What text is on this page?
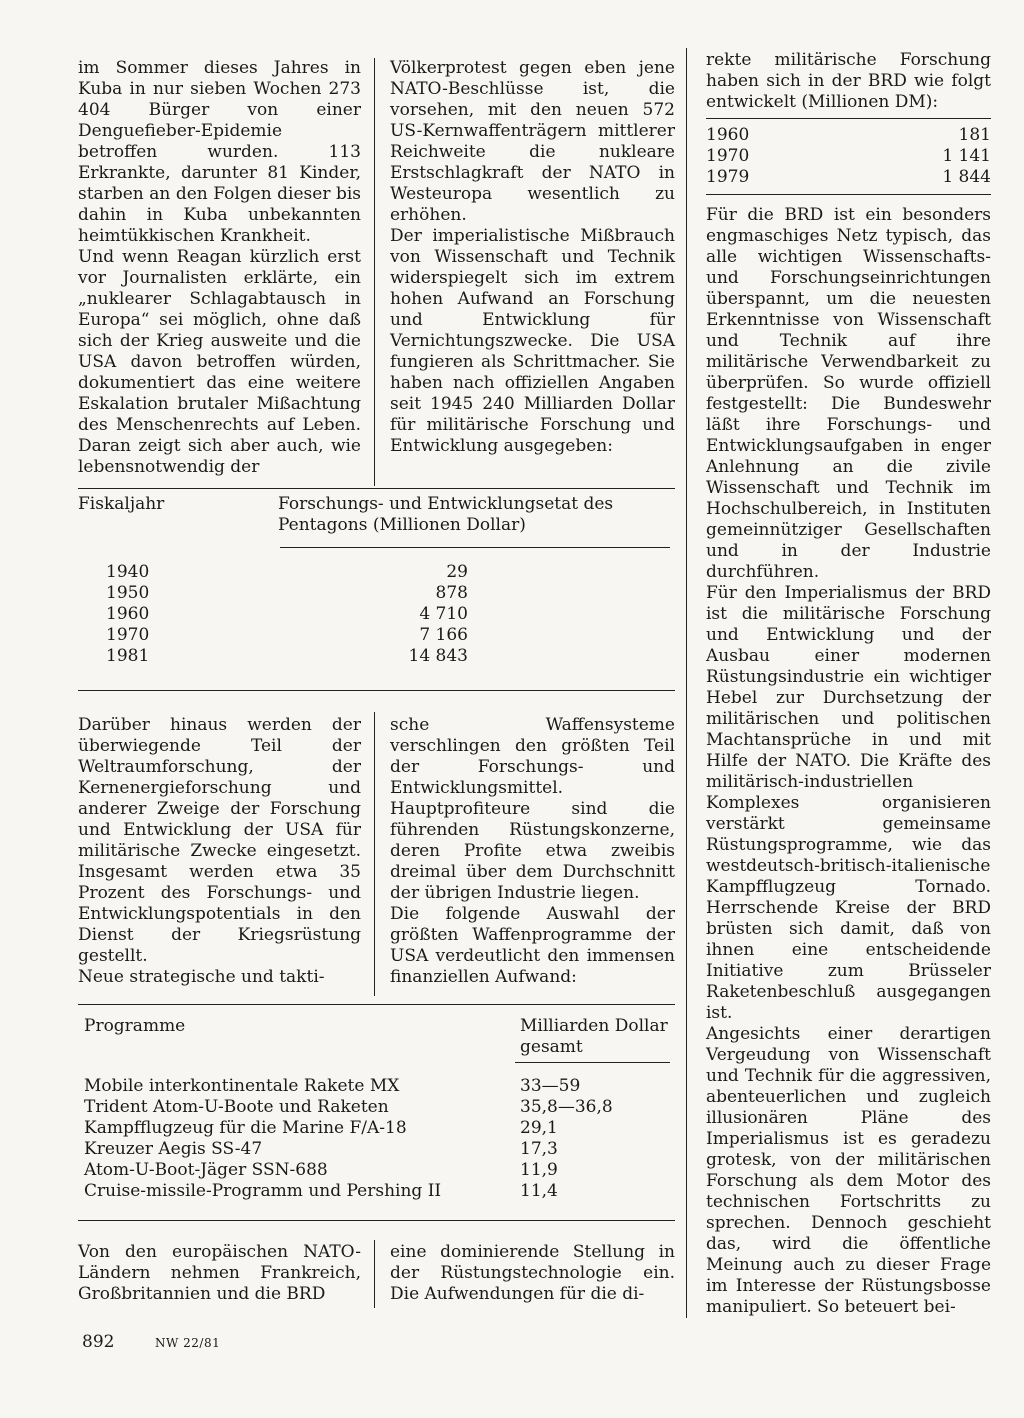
im Sommer dieses Jahres in Kuba in nur sieben Wochen 273 404 Bürger von einer Denguefieber-Epidemie betroffen wurden. 113 Erkrankte, darunter 81 Kinder, starben an den Folgen dieser bis dahin in Kuba unbekannten heimtükkischen Krankheit.

Und wenn Reagan kürzlich erst vor Journalisten erklärte, ein „nuklearer Schlagabtausch in Europa“ sei möglich, ohne daß sich der Krieg ausweite und die USA davon betroffen würden, dokumentiert das eine weitere Eskalation brutaler Mißachtung des Menschenrechts auf Leben. Daran zeigt sich aber auch, wie lebensnotwendig der

Völkerprotest gegen eben jene NATO-Beschlüsse ist, die vorsehen, mit den neuen 572 US-Kernwaffenträgern mittlerer Reichweite die nukleare Erstschlagkraft der NATO in Westeuropa wesentlich zu erhöhen.

Der imperialistische Mißbrauch von Wissenschaft und Technik widerspiegelt sich im extrem hohen Aufwand an Forschung und Entwicklung für Vernichtungszwecke. Die USA fungieren als Schrittmacher. Sie haben nach offiziellen Angaben seit 1945 240 Milliarden Dollar für militärische Forschung und Entwicklung ausgegeben:

rekte militärische Forschung haben sich in der BRD wie folgt entwickelt (Millionen DM):

1960	181
1970	1 141
1979	1 844

Für die BRD ist ein besonders engmaschiges Netz typisch, das alle wichtigen Wissenschafts- und Forschungseinrichtungen überspannt, um die neuesten Erkenntnisse von Wissenschaft und Technik auf ihre militärische Verwendbarkeit zu überprüfen. So wurde offiziell festgestellt: Die Bundeswehr läßt ihre Forschungs- und Entwicklungsaufgaben in enger Anlehnung an die zivile Wissenschaft und Technik im Hochschulbereich, in Instituten gemeinnütziger Gesellschaften und in der Industrie durchführen.

Für den Imperialismus der BRD ist die militärische Forschung und Entwicklung und der Ausbau einer modernen Rüstungsindustrie ein wichtiger Hebel zur Durchsetzung der militärischen und politischen Machtansprüche in und mit Hilfe der NATO. Die Kräfte des militärisch-industriellen Komplexes organisieren verstärkt gemeinsame Rüstungsprogramme, wie das westdeutsch-britisch-italienische Kampfflugzeug Tornado. Herrschende Kreise der BRD brüsten sich damit, daß von ihnen eine entscheidende Initiative zum Brüsseler Raketenbeschluß ausgegangen ist.

Angesichts einer derartigen Vergeudung von Wissenschaft und Technik für die aggressiven, abenteuerlichen und zugleich illusionären Pläne des Imperialismus ist es geradezu grotesk, von der militärischen Forschung als dem Motor des technischen Fortschritts zu sprechen. Dennoch geschieht das, wird die öffentliche Meinung auch zu dieser Frage im Interesse der Rüstungsbosse manipuliert. So beteuert bei-

Fiskaljahr	Forschungs- und Entwicklungsetat des Pentagons (Millionen Dollar)
1940	29
1950	878
1960	4 710
1970	7 166
1981	14 843

Darüber hinaus werden der überwiegende Teil der Weltraumforschung, der Kernenergieforschung und anderer Zweige der Forschung und Entwicklung der USA für militärische Zwecke eingesetzt. Insgesamt werden etwa 35 Prozent des Forschungs- und Entwicklungspotentials in den Dienst der Kriegsrüstung gestellt.

Neue strategische und takti-

sche Waffensysteme verschlingen den größten Teil der Forschungs- und Entwicklungsmittel. Hauptprofiteure sind die führenden Rüstungskonzerne, deren Profite etwa zweibis dreimal über dem Durchschnitt der übrigen Industrie liegen.

Die folgende Auswahl der größten Waffenprogramme der USA verdeutlicht den immensen finanziellen Aufwand:

Programme	Milliarden Dollar gesamt
Mobile interkontinentale Rakete MX	33—59
Trident Atom-U-Boote und Raketen	35,8—36,8
Kampfflugzeug für die Marine F/A-18	29,1
Kreuzer Aegis SS-47	17,3
Atom-U-Boot-Jäger SSN-688	11,9
Cruise-missile-Programm und Pershing II	11,4

Von den europäischen NATO-Ländern nehmen Frankreich, Großbritannien und die BRD

eine dominierende Stellung in der Rüstungstechnologie ein. Die Aufwendungen für die di-

892	NW 22/81
